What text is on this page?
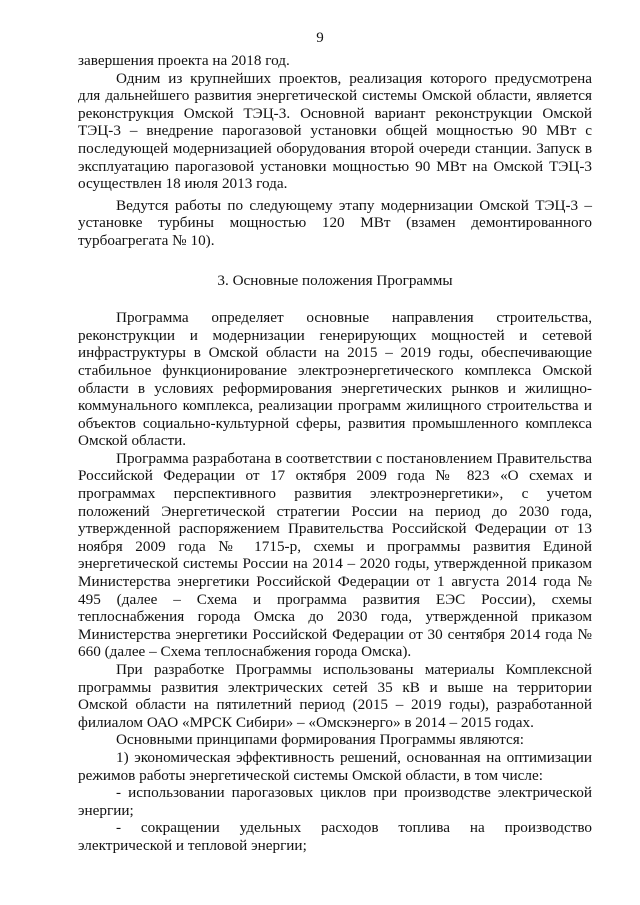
9

завершения проекта на 2018 год.

Одним из крупнейших проектов, реализация которого предусмотрена для дальнейшего развития энергетической системы Омской области, является реконструкция Омской ТЭЦ-3. Основной вариант реконструкции Омской ТЭЦ-3 – внедрение парогазовой установки общей мощностью 90 МВт с последующей модернизацией оборудования второй очереди станции. Запуск в эксплуатацию парогазовой установки мощностью 90 МВт на Омской ТЭЦ-3 осуществлен 18 июля 2013 года.

Ведутся работы по следующему этапу модернизации Омской ТЭЦ-3 – установке турбины мощностью 120 МВт (взамен демонтированного турбоагрегата № 10).

3. Основные положения Программы

Программа определяет основные направления строительства, реконструкции и модернизации генерирующих мощностей и сетевой инфраструктуры в Омской области на 2015 – 2019 годы, обеспечивающие стабильное функционирование электроэнергетического комплекса Омской области в условиях реформирования энергетических рынков и жилищно-коммунального комплекса, реализации программ жилищного строительства и объектов социально-культурной сферы, развития промышленного комплекса Омской области.

Программа разработана в соответствии с постановлением Правительства Российской Федерации от 17 октября 2009 года № 823 «О схемах и программах перспективного развития электроэнергетики», с учетом положений Энергетической стратегии России на период до 2030 года, утвержденной распоряжением Правительства Российской Федерации от 13 ноября 2009 года № 1715-р, схемы и программы развития Единой энергетической системы России на 2014 – 2020 годы, утвержденной приказом Министерства энергетики Российской Федерации от 1 августа 2014 года № 495 (далее – Схема и программа развития ЕЭС России), схемы теплоснабжения города Омска до 2030 года, утвержденной приказом Министерства энергетики Российской Федерации от 30 сентября 2014 года № 660 (далее – Схема теплоснабжения города Омска).

При разработке Программы использованы материалы Комплексной программы развития электрических сетей 35 кВ и выше на территории Омской области на пятилетний период (2015 – 2019 годы), разработанной филиалом ОАО «МРСК Сибири» – «Омскэнерго» в 2014 – 2015 годах.

Основными принципами формирования Программы являются:

1) экономическая эффективность решений, основанная на оптимизации режимов работы энергетической системы Омской области, в том числе:

- использовании парогазовых циклов при производстве электрической энергии;

- сокращении удельных расходов топлива на производство электрической и тепловой энергии;
